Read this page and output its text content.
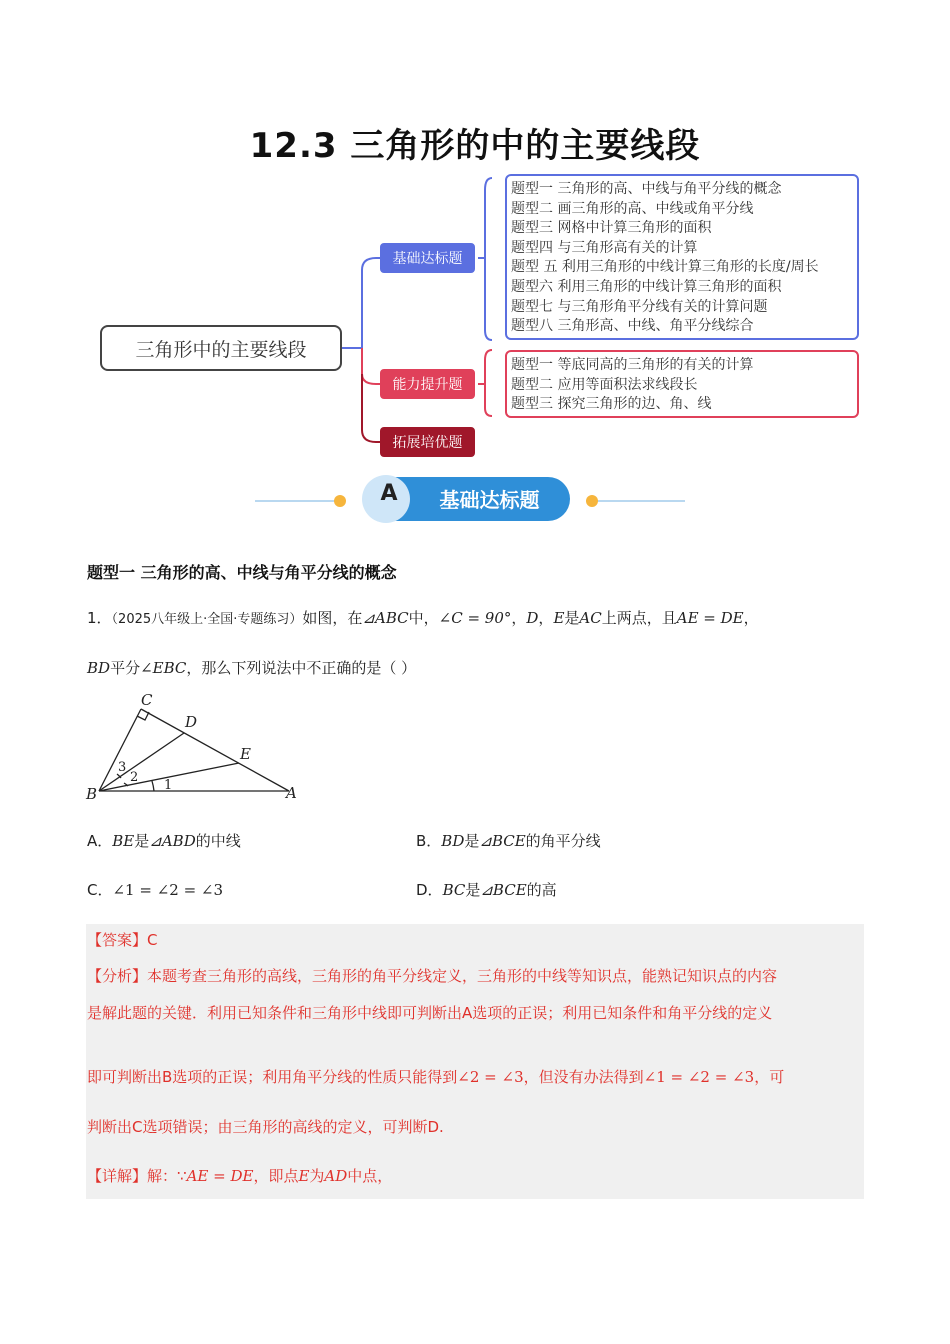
12.3 三角形的中的主要线段
三角形中的主要线段
基础达标题
能力提升题
拓展培优题
题型一 三角形的高、中线与角平分线的概念
题型二 画三角形的高、中线或角平分线
题型三 网格中计算三角形的面积
题型四 与三角形高有关的计算
题型 五 利用三角形的中线计算三角形的长度/周长
题型六 利用三角形的中线计算三角形的面积
题型七 与三角形角平分线有关的计算问题
题型八 三角形高、中线、角平分线综合
题型一 等底同高的三角形的有关的计算
题型二 应用等面积法求线段长
题型三 探究三角形的边、角、线
A	基础达标题
题型一 三角形的高、中线与角平分线的概念
1．（2025八年级上·全国·专题练习）如图，在⊿ABC中，∠C = 90°，D，E是AC上两点，且AE = DE，
BD平分∠EBC，那么下列说法中不正确的是（ ）
C
D
E
B	A
1
2
3
A．BE是⊿ABD的中线	B．BD是⊿BCE的角平分线
C．∠1 = ∠2 = ∠3	D．BC是⊿BCE的高
【答案】C
【分析】本题考查三角形的高线，三角形的角平分线定义，三角形的中线等知识点，能熟记知识点的内容
是解此题的关键．利用已知条件和三角形中线即可判断出A选项的正误；利用已知条件和角平分线的定义
即可判断出B选项的正误；利用角平分线的性质只能得到∠2 = ∠3，但没有办法得到∠1 = ∠2 = ∠3，可
判断出C选项错误；由三角形的高线的定义，可判断D.
【详解】解：∵AE = DE，即点E为AD中点，
